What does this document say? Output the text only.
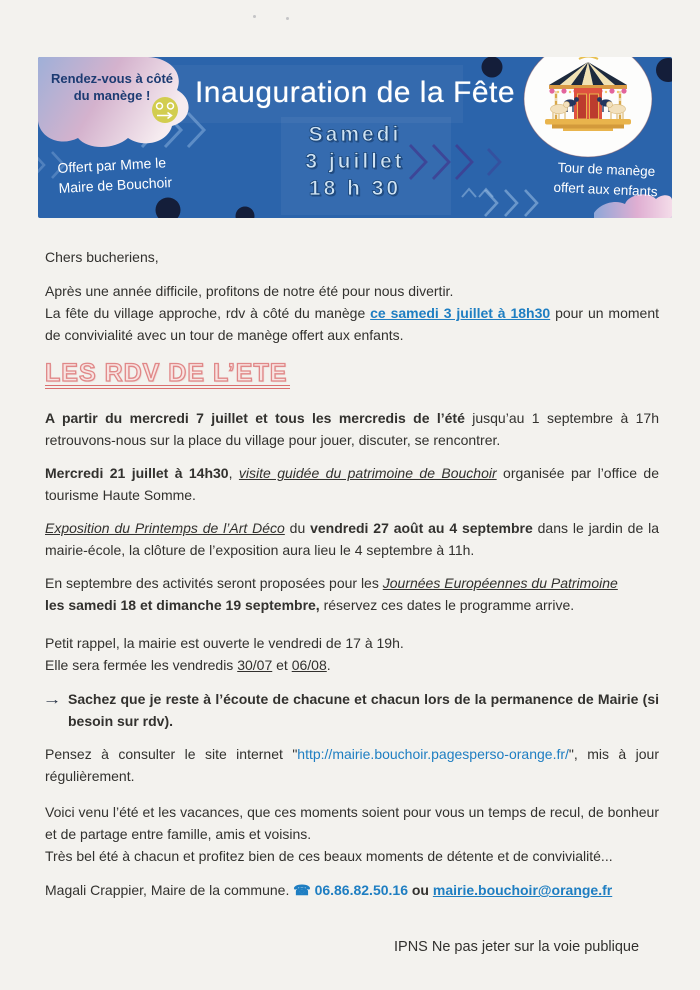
Rendez-vous à côté
du manège !	Inauguration de la Fête
Samedi
3 juillet
18 h 30
Offert par Mme le
Maire de Bouchoir
Tour de manège
offert aux enfants
Chers bucheriens,
Après une année difficile, profitons de notre été pour nous divertir.
La fête du village approche, rdv à côté du manège ce samedi 3 juillet à 18h30 pour un moment de convivialité avec un tour de manège offert aux enfants.
LES RDV DE L’ETE
A partir du mercredi 7 juillet et tous les mercredis de l’été jusqu’au 1 septembre à 17h retrouvons-nous sur la place du village pour jouer, discuter, se rencontrer.
Mercredi 21 juillet à 14h30, visite guidée du patrimoine de Bouchoir organisée par l’office de tourisme Haute Somme.
Exposition du Printemps de l’Art Déco du vendredi 27 août au 4 septembre dans le jardin de la mairie-école, la clôture de l’exposition aura lieu le 4 septembre à 11h.
En septembre des activités seront proposées pour les Journées Européennes du Patrimoine
les samedi 18 et dimanche 19 septembre, réservez ces dates le programme arrive.
Petit rappel, la mairie est ouverte le vendredi de 17 à 19h.
Elle sera fermée les vendredis 30/07 et 06/08.
→ Sachez que je reste à l’écoute de chacune et chacun lors de la permanence de Mairie (si besoin sur rdv).
Pensez à consulter le site internet "http://mairie.bouchoir.pagesperso-orange.fr/", mis à jour régulièrement.
Voici venu l’été et les vacances, que ces moments soient pour vous un temps de recul, de bonheur et de partage entre famille, amis et voisins.
Très bel été à chacun et profitez bien de ces beaux moments de détente et de convivialité...
Magali Crappier, Maire de la commune. ☎ 06.86.82.50.16 ou mairie.bouchoir@orange.fr
IPNS Ne pas jeter sur la voie publique
